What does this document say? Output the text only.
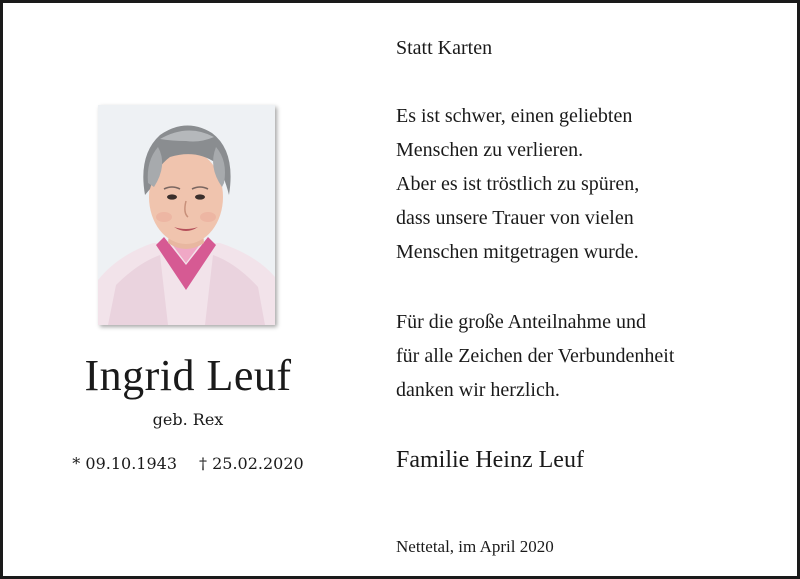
Ingrid Leuf
geb. Rex
* 09.10.1943 † 25.02.2020
Statt Karten
Es ist schwer, einen geliebten
Menschen zu verlieren.
Aber es ist tröstlich zu spüren,
dass unsere Trauer von vielen
Menschen mitgetragen wurde.
Für die große Anteilnahme und
für alle Zeichen der Verbundenheit
danken wir herzlich.
Familie Heinz Leuf
Nettetal, im April 2020
